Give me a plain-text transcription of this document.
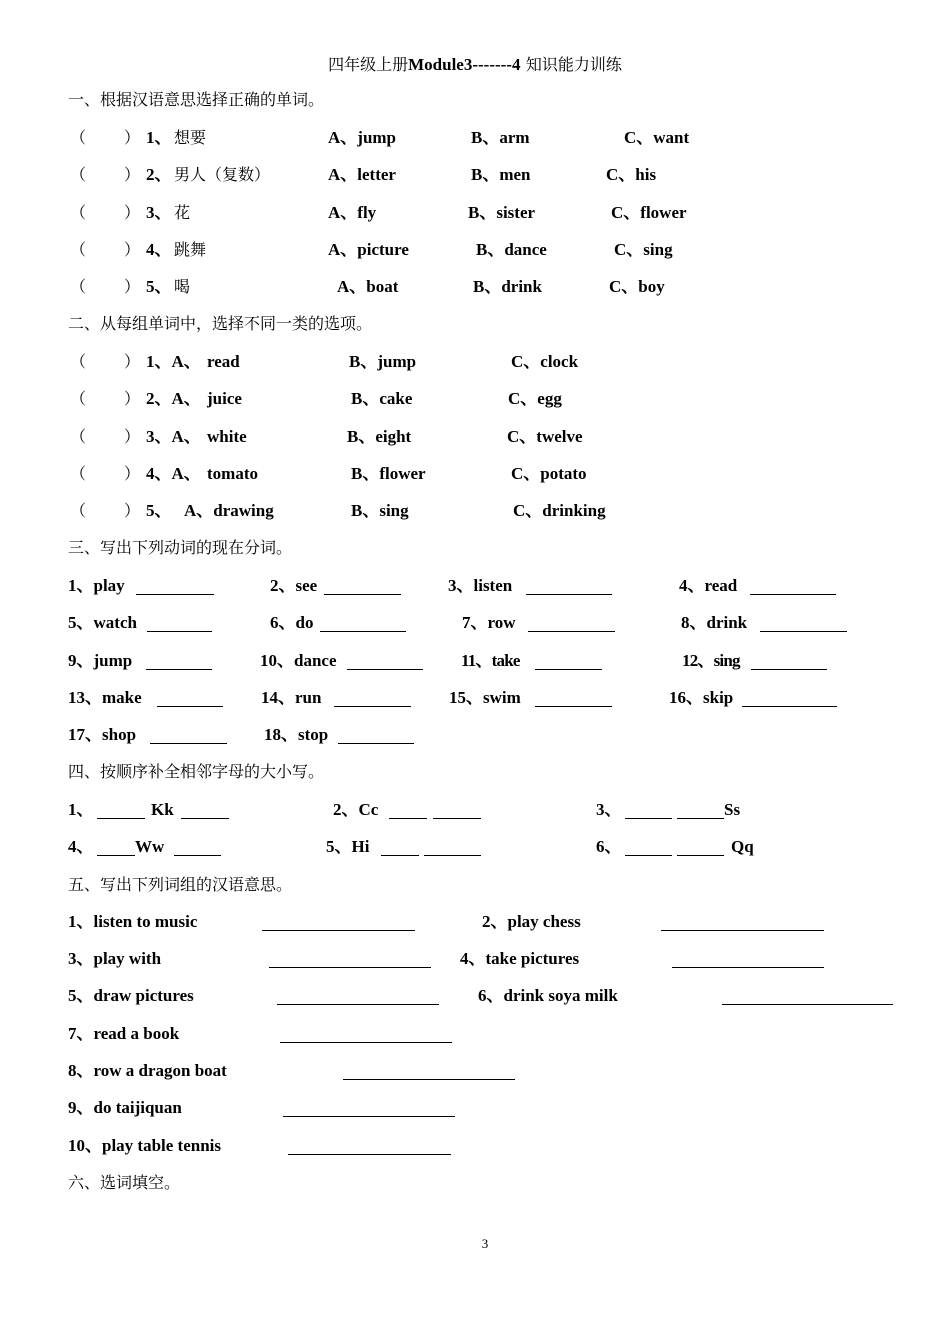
四年级上册Module3-------4 知识能力训练
一、根据汉语意思选择正确的单词。
（ ） 1、 想要	A、jump	B、arm	C、want
（ ） 2、 男人（复数）	A、letter	B、men	C、his
（ ） 3、 花	A、fly	B、sister	C、flower
（ ） 4、 跳舞	A、picture	B、dance	C、sing
（ ） 5、 喝	A、boat	B、drink	C、boy
二、从每组单词中，选择不同一类的选项。
（ ） 1、A、 read	B、jump	C、clock
（ ） 2、A、 juice	B、cake	C、egg
（ ） 3、A、 white	B、eight	C、twelve
（ ） 4、A、 tomato	B、flower	C、potato
（ ） 5、 A、drawing	B、sing	C、drinking
三、写出下列动词的现在分词。
1、play	2、see	3、listen	4、read
5、watch	6、do	7、row	8、drink
9、jump	10、dance	11、take	12、sing
13、make	14、run	15、swim	16、skip
17、shop	18、stop
四、按顺序补全相邻字母的大小写。
1、	Kk	2、Cc	3、	Ss
4、 Ww	5、Hi	6、	Qq
五、写出下列词组的汉语意思。
1、listen to music	2、play chess
3、play with	4、take pictures
5、draw pictures	6、drink soya milk
7、read a book
8、row a dragon boat
9、do taijiquan
10、play table tennis
六、选词填空。
3
